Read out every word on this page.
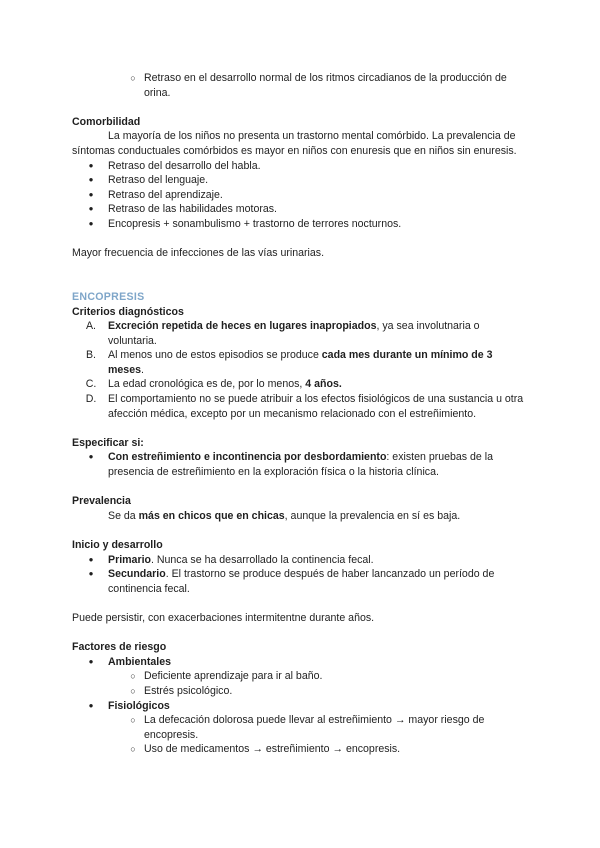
○ Retraso en el desarrollo normal de los ritmos circadianos de la producción de orina.

Comorbilidad

La mayoría de los niños no presenta un trastorno mental comórbido. La prevalencia de síntomas conductuales comórbidos es mayor en niños con enuresis que en niños sin enuresis.

●	Retraso del desarrollo del habla.

●	Retraso del lenguaje.

●	Retraso del aprendizaje.

●	Retraso de las habilidades motoras.

●	Encopresis + sonambulismo + trastorno de terrores nocturnos.

Mayor frecuencia de infecciones de las vías urinarias.

ENCOPRESIS

Criterios diagnósticos

A. Excreción repetida de heces en lugares inapropiados, ya sea involutnaria o voluntaria.

B. Al menos uno de estos episodios se produce cada mes durante un mínimo de 3 meses.

C. La edad cronológica es de, por lo menos, 4 años.

D. El comportamiento no se puede atribuir a los efectos fisiológicos de una sustancia u otra afección médica, excepto por un mecanismo relacionado con el estreñimiento.

Especificar si:

●	Con estreñimiento e incontinencia por desbordamiento: existen pruebas de la presencia de estreñimiento en la exploración física o la historia clínica.

Prevalencia

Se da más en chicos que en chicas, aunque la prevalencia en sí es baja.

Inicio y desarrollo

●	Primario. Nunca se ha desarrollado la continencia fecal.

●	Secundario. El trastorno se produce después de haber lancanzado un período de continencia fecal.

Puede persistir, con exacerbaciones intermitentne durante años.

Factores de riesgo

●	Ambientales

○ Deficiente aprendizaje para ir al baño.

○ Estrés psicológico.

●	Fisiológicos

○ La defecación dolorosa puede llevar al estreñimiento → mayor riesgo de encopresis.

○ Uso de medicamentos → estreñimiento → encopresis.
